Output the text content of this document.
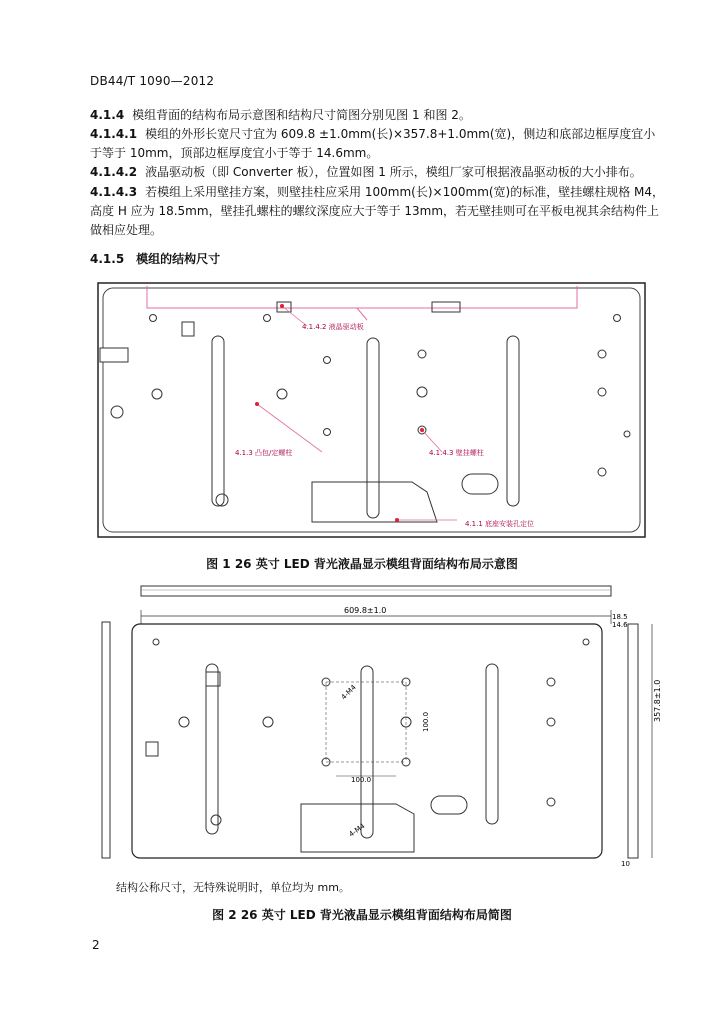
DB44/T 1090—2012
4.1.4 模组背面的结构布局示意图和结构尺寸简图分别见图 1 和图 2。
4.1.4.1 模组的外形长宽尺寸宜为 609.8 ±1.0mm(长)×357.8+1.0mm(宽)，侧边和底部边框厚度宜小
于等于 10mm，顶部边框厚度宜小于等于 14.6mm。
4.1.4.2 液晶驱动板（即 Converter 板），位置如图 1 所示，模组厂家可根据液晶驱动板的大小排布。
4.1.4.3 若模组上采用壁挂方案，则壁挂柱应采用 100mm(长)×100mm(宽)的标准，壁挂螺柱规格 M4，
高度 H 应为 18.5mm，壁挂孔螺柱的螺纹深度应大于等于 13mm，若无壁挂则可在平板电视其余结构件上
做相应处理。
4.1.5 模组的结构尺寸
4.1.4.2 液晶驱动板
4.1.3 凸包/定螺柱	4.1.4.3 壁挂螺柱
4.1.1 底座安装孔定位
图 1 26 英寸 LED 背光液晶显示模组背面结构布局示意图
609.8±1.0
18.5
14.6
357.8±1.0
10
100.0
100.0
4-M4
4-M4
结构公称尺寸，无特殊说明时，单位均为 mm。
图 2 26 英寸 LED 背光液晶显示模组背面结构布局简图
2
